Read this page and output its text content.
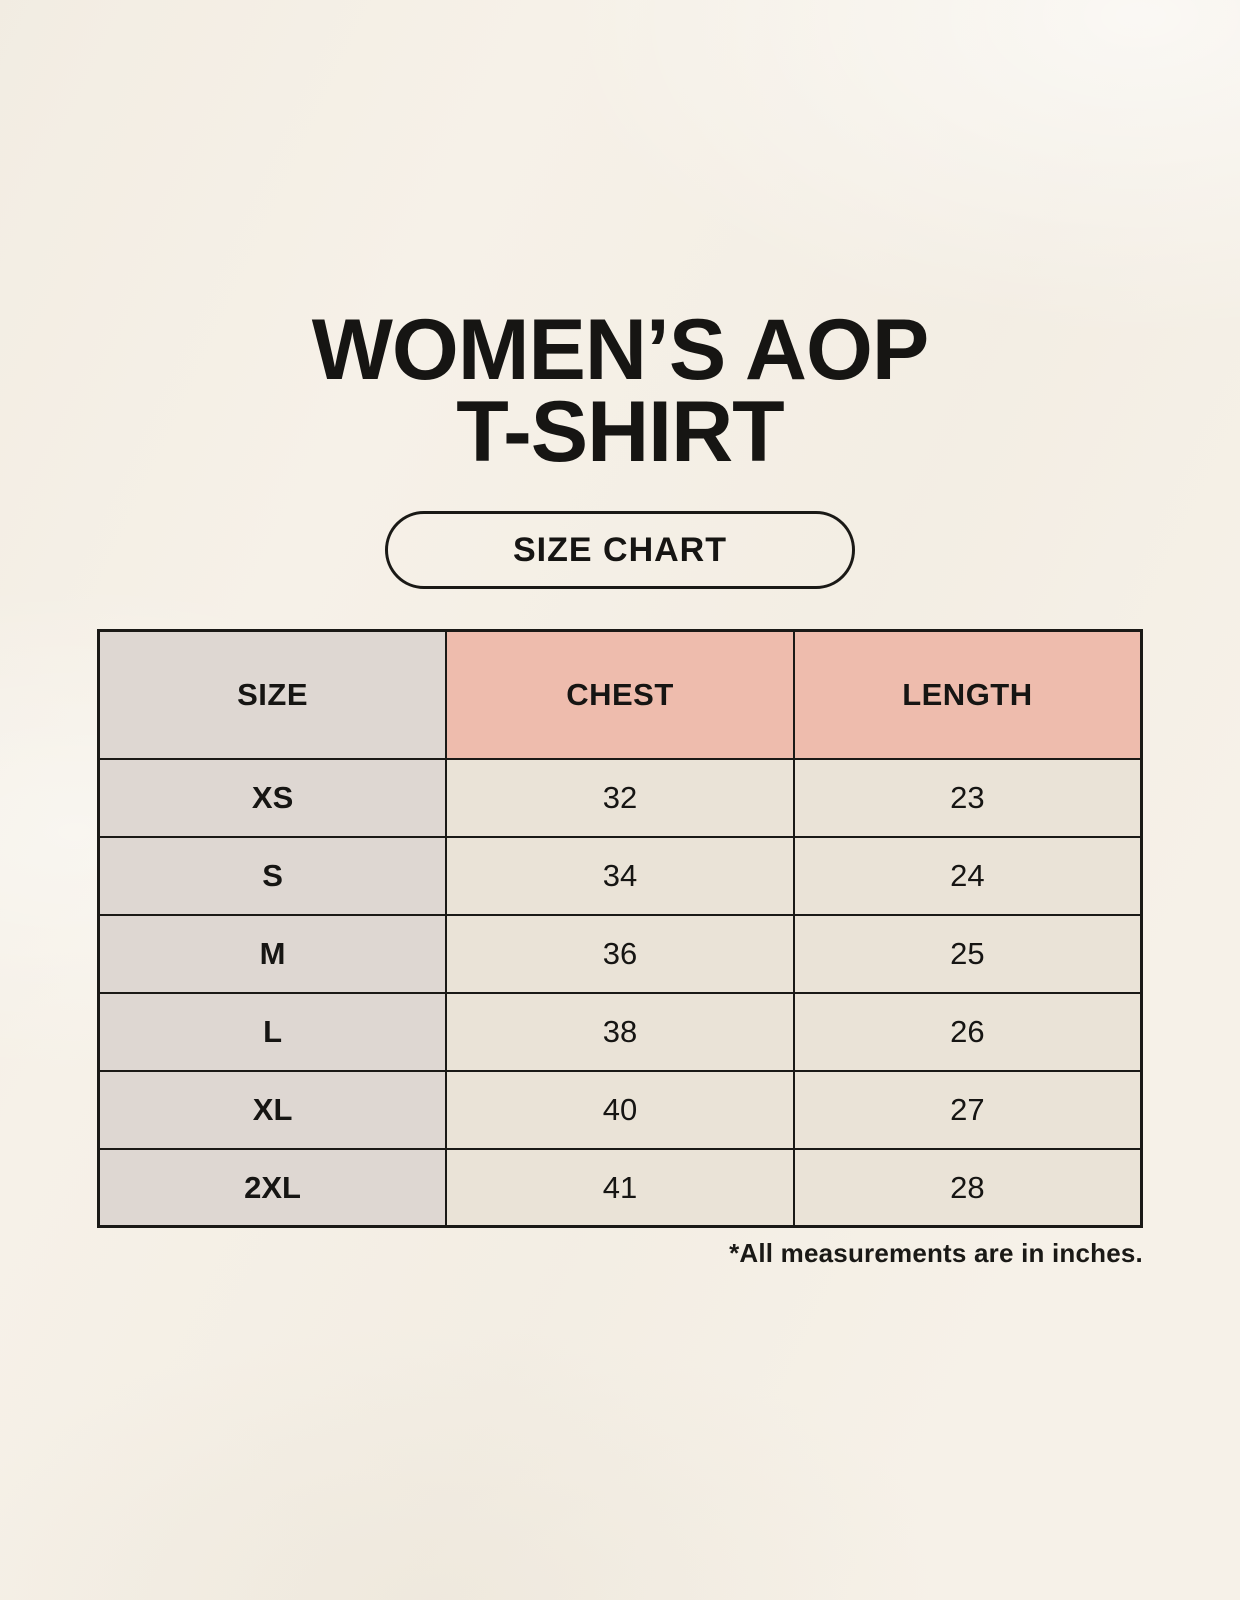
WOMEN’S AOP
T-SHIRT
SIZE CHART
SIZE	CHEST	LENGTH
XS	32	23
S	34	24
M	36	25
L	38	26
XL	40	27
2XL	41	28
*All measurements are in inches.
